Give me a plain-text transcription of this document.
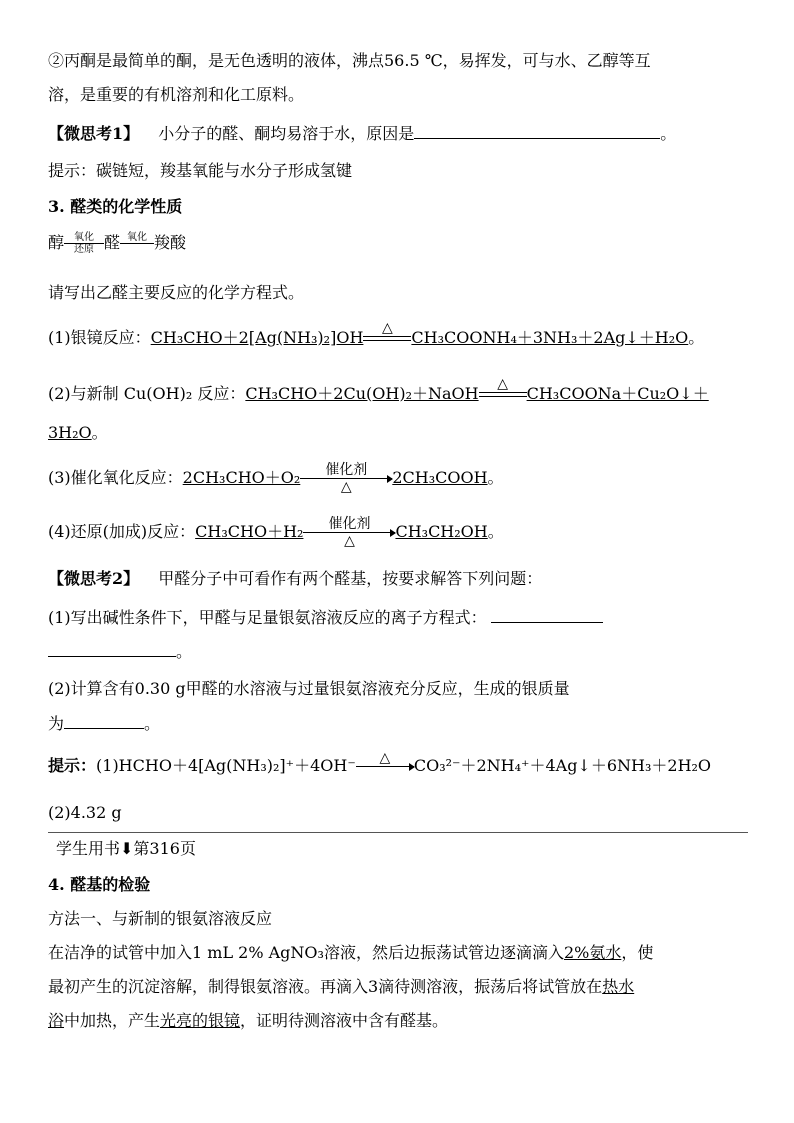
②丙酮是最简单的酮，是无色透明的液体，沸点56.5 ℃，易挥发，可与水、乙醇等互
溶，是重要的有机溶剂和化工原料。
【微思考1】 小分子的醛、酮均易溶于水，原因是	。
提示：碳链短，羧基氧能与水分子形成氢键
3. 醛类的化学性质
醇	氧化
还原 醛 氧化
羧酸
请写出乙醛主要反应的化学方程式。
(1)银镜反应：CH₃CHO＋2[Ag(NH₃)₂]OH	△
	CH₃COONH₄＋3NH₃＋2Ag↓＋H₂O。
(2)与新制 Cu(OH)₂ 反应：CH₃CHO＋2Cu(OH)₂＋NaOH	△
	CH₃COONa＋Cu₂O↓＋
3H₂O。
(3)催化氧化反应：2CH₃CHO＋O₂	催化剂
△	2CH₃COOH。
(4)还原(加成)反应：CH₃CHO＋H₂	催化剂
△	CH₃CH₂OH。
【微思考2】 甲醛分子中可看作有两个醛基，按要求解答下列问题：
(1)写出碱性条件下，甲醛与足量银氨溶液反应的离子方程式：
。
(2)计算含有0.30 g甲醛的水溶液与过量银氨溶液充分反应，生成的银质量
为	。
提示：(1)HCHO＋4[Ag(NH₃)₂]⁺＋4OH⁻	△
	CO₃²⁻＋2NH₄⁺＋4Ag↓＋6NH₃＋2H₂O
(2)4.32 g
学生用书⬇第316页
4. 醛基的检验
方法一、与新制的银氨溶液反应
在洁净的试管中加入1 mL 2% AgNO₃溶液，然后边振荡试管边逐滴滴入2%氨水，使
最初产生的沉淀溶解，制得银氨溶液。再滴入3滴待测溶液，振荡后将试管放在热水
浴中加热，产生光亮的银镜，证明待测溶液中含有醛基。
